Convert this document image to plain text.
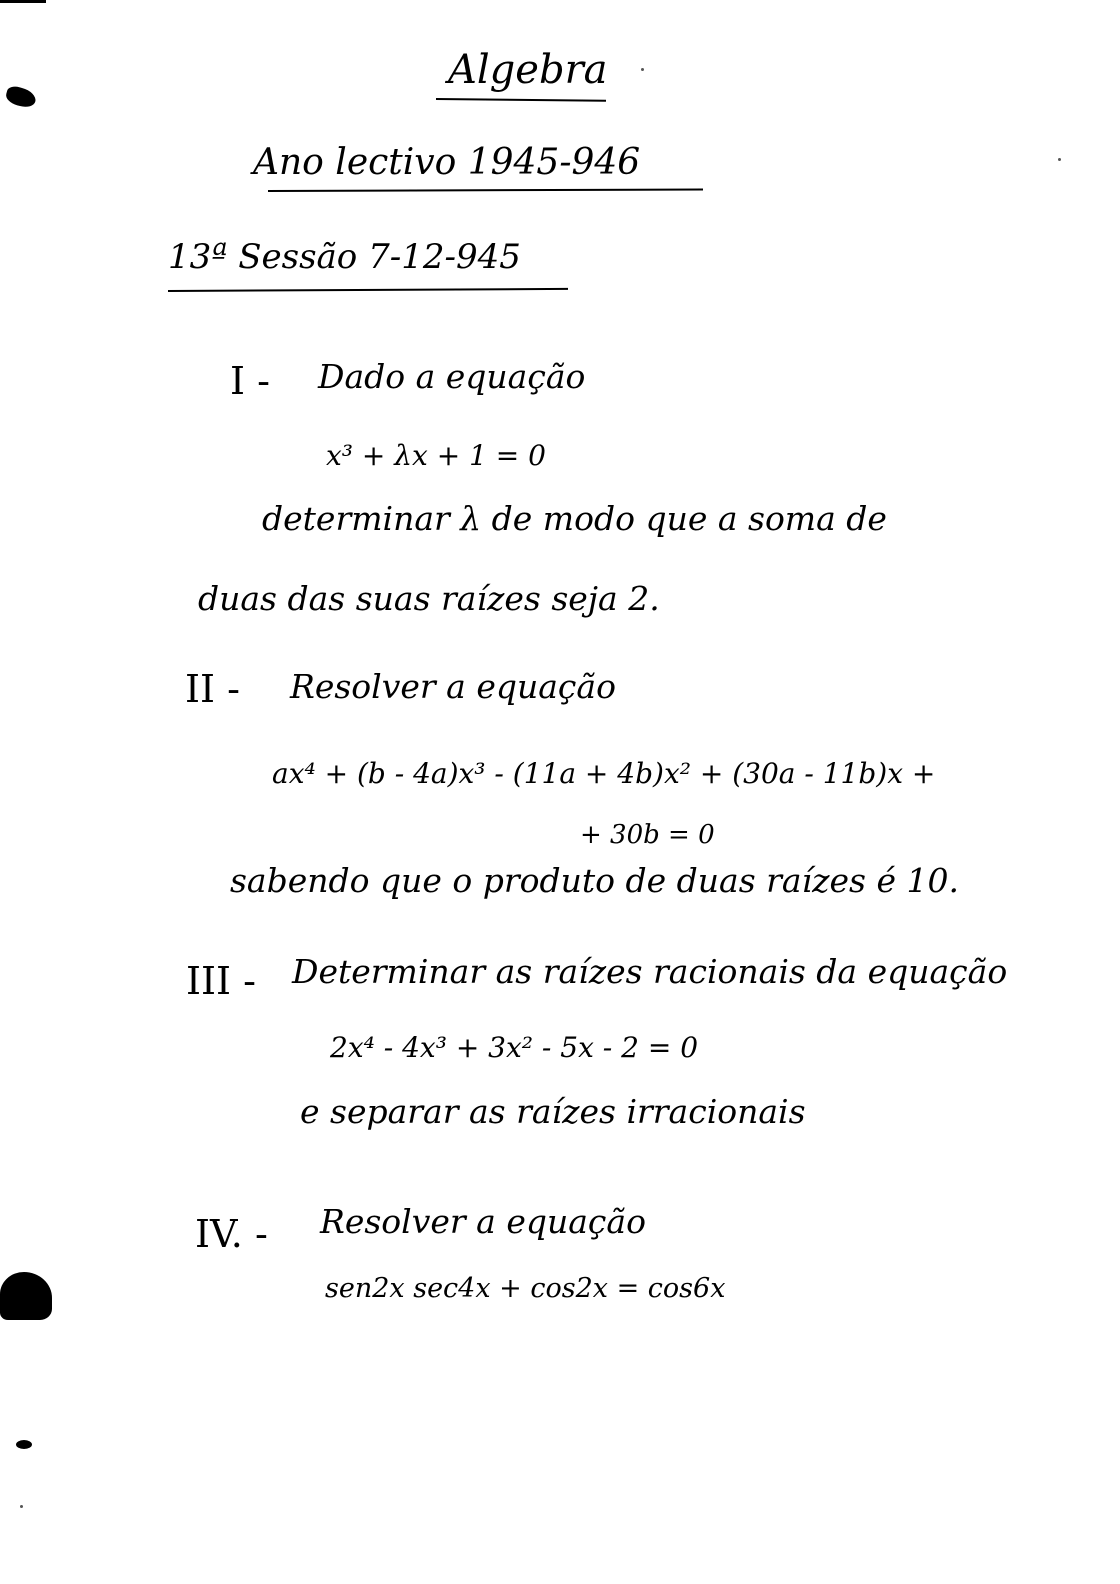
Algebra
Ano lectivo 1945-946
13ª Sessão 7-12-945
I - Dado a equação
x³ + λx + 1 = 0
determinar λ de modo que a soma de
duas das suas raízes seja 2.
II - Resolver a equação
ax⁴ + (b - 4a)x³ - (11a + 4b)x² + (30a - 11b)x +
+ 30b = 0
sabendo que o produto de duas raízes é 10.
III - Determinar as raízes racionais da equação
2x⁴ - 4x³ + 3x² - 5x - 2 = 0
e separar as raízes irracionais
IV. - Resolver a equação
sen2x sec4x + cos2x = cos6x
